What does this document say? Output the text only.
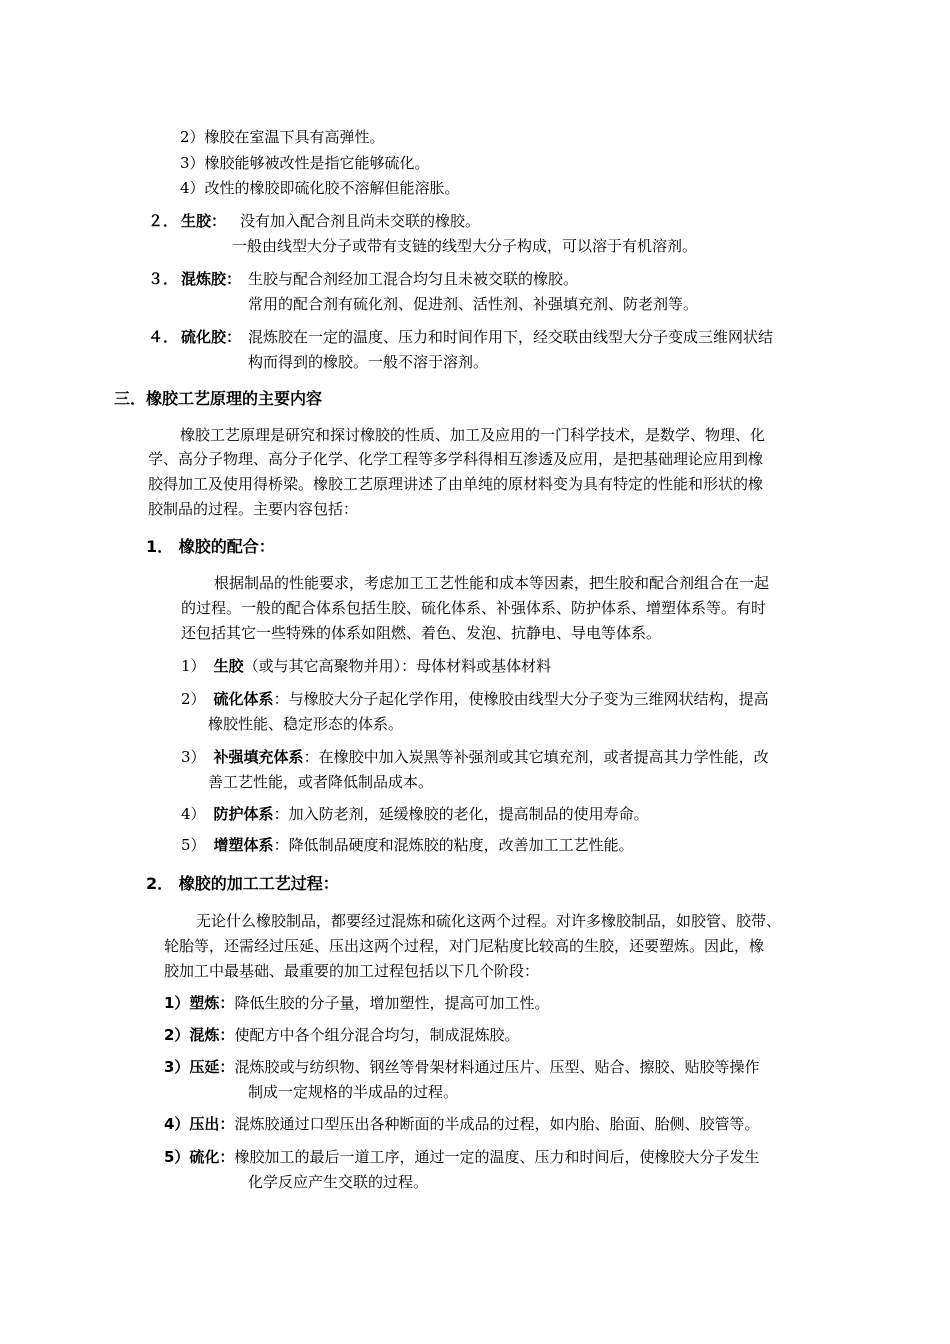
2）橡胶在室温下具有高弹性。
3）橡胶能够被改性是指它能够硫化。
4）改性的橡胶即硫化胶不溶解但能溶胀。
２． 生胶： 没有加入配合剂且尚未交联的橡胶。
一般由线型大分子或带有支链的线型大分子构成，可以溶于有机溶剂。
３． 混炼胶： 生胶与配合剂经加工混合均匀且未被交联的橡胶。
常用的配合剂有硫化剂、促进剂、活性剂、补强填充剂、防老剂等。
４． 硫化胶： 混炼胶在一定的温度、压力和时间作用下，经交联由线型大分子变成三维网状结
构而得到的橡胶。一般不溶于溶剂。
三．橡胶工艺原理的主要内容
橡胶工艺原理是研究和探讨橡胶的性质、加工及应用的一门科学技术，是数学、物理、化
学、高分子物理、高分子化学、化学工程等多学科得相互渗透及应用，是把基础理论应用到橡
胶得加工及使用得桥梁。橡胶工艺原理讲述了由单纯的原材料变为具有特定的性能和形状的橡
胶制品的过程。主要内容包括：
1． 橡胶的配合：
根据制品的性能要求，考虑加工工艺性能和成本等因素，把生胶和配合剂组合在一起
的过程。一般的配合体系包括生胶、硫化体系、补强体系、防护体系、增塑体系等。有时
还包括其它一些特殊的体系如阻燃、着色、发泡、抗静电、导电等体系。
1） 生胶（或与其它高聚物并用）：母体材料或基体材料
2） 硫化体系：与橡胶大分子起化学作用，使橡胶由线型大分子变为三维网状结构，提高
橡胶性能、稳定形态的体系。
3） 补强填充体系：在橡胶中加入炭黑等补强剂或其它填充剂，或者提高其力学性能，改
善工艺性能，或者降低制品成本。
4） 防护体系：加入防老剂，延缓橡胶的老化，提高制品的使用寿命。
5） 增塑体系：降低制品硬度和混炼胶的粘度，改善加工工艺性能。
2． 橡胶的加工工艺过程：
无论什么橡胶制品，都要经过混炼和硫化这两个过程。对许多橡胶制品，如胶管、胶带、
轮胎等，还需经过压延、压出这两个过程，对门尼粘度比较高的生胶，还要塑炼。因此，橡
胶加工中最基础、最重要的加工过程包括以下几个阶段：
1）塑炼：降低生胶的分子量，增加塑性，提高可加工性。
2）混炼：使配方中各个组分混合均匀，制成混炼胶。
3）压延：混炼胶或与纺织物、钢丝等骨架材料通过压片、压型、贴合、擦胶、贴胶等操作
制成一定规格的半成品的过程。
4）压出：混炼胶通过口型压出各种断面的半成品的过程，如内胎、胎面、胎侧、胶管等。
5）硫化：橡胶加工的最后一道工序，通过一定的温度、压力和时间后，使橡胶大分子发生
化学反应产生交联的过程。
